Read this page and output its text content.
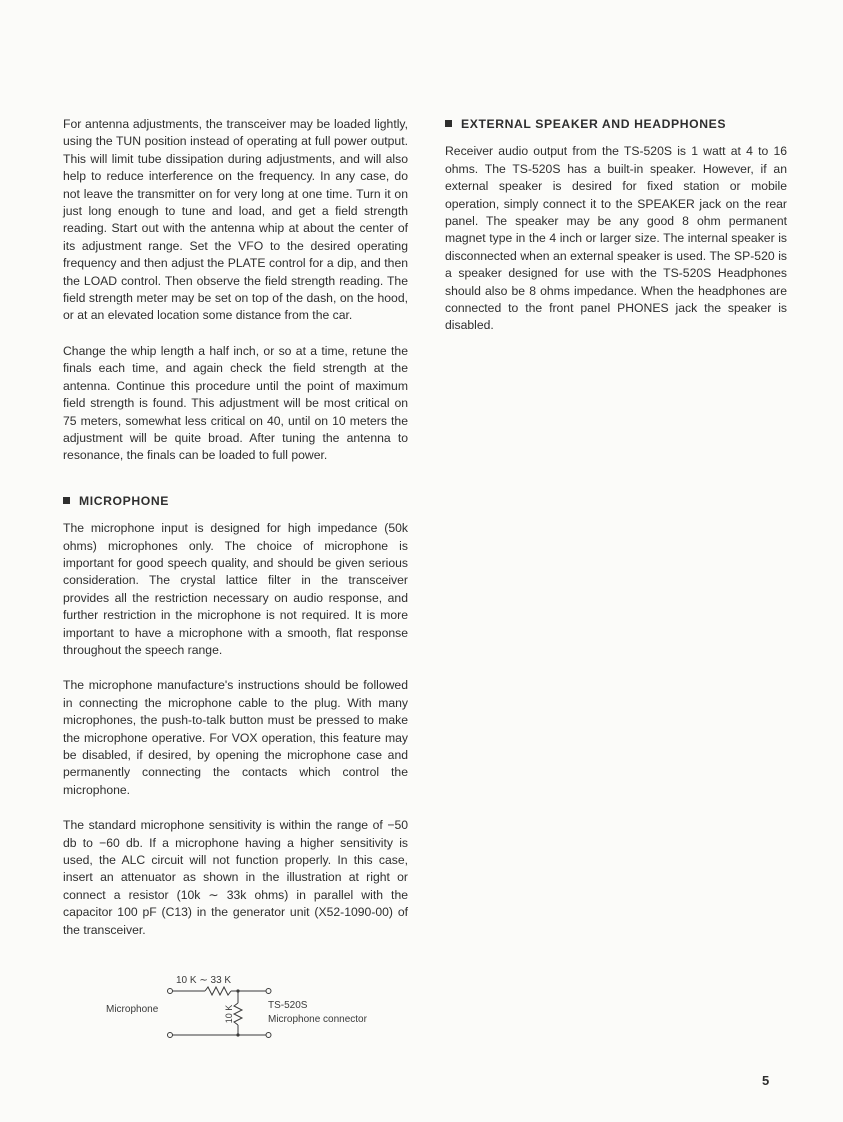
For antenna adjustments, the transceiver may be loaded lightly, using the TUN position instead of operating at full power output. This will limit tube dissipation during adjustments, and will also help to reduce interference on the frequency. In any case, do not leave the transmitter on for very long at one time. Turn it on just long enough to tune and load, and get a field strength reading. Start out with the antenna whip at about the center of its adjustment range. Set the VFO to the desired operating frequency and then adjust the PLATE control for a dip, and then the LOAD control. Then observe the field strength reading. The field strength meter may be set on top of the dash, on the hood, or at an elevated location some distance from the car.

Change the whip length a half inch, or so at a time, retune the finals each time, and again check the field strength at the antenna. Continue this procedure until the point of maximum field strength is found. This adjustment will be most critical on 75 meters, somewhat less critical on 40, until on 10 meters the adjustment will be quite broad. After tuning the antenna to resonance, the finals can be loaded to full power.

MICROPHONE

The microphone input is designed for high impedance (50k ohms) microphones only. The choice of microphone is important for good speech quality, and should be given serious consideration. The crystal lattice filter in the transceiver provides all the restriction necessary on audio response, and further restriction in the microphone is not required. It is more important to have a microphone with a smooth, flat response throughout the speech range.

The microphone manufacture's instructions should be followed in connecting the microphone cable to the plug. With many microphones, the push-to-talk button must be pressed to make the microphone operative. For VOX operation, this feature may be disabled, if desired, by opening the microphone case and permanently connecting the contacts which control the microphone.

The standard microphone sensitivity is within the range of −50 db to −60 db. If a microphone having a higher sensitivity is used, the ALC circuit will not function properly. In this case, insert an attenuator as shown in the illustration at right or connect a resistor (10k ∼ 33k ohms) in parallel with the capacitor 100 pF (C13) in the generator unit (X52-1090-00) of the transceiver.

EXTERNAL SPEAKER AND HEADPHONES

Receiver audio output from the TS-520S is 1 watt at 4 to 16 ohms. The TS-520S has a built-in speaker. However, if an external speaker is desired for fixed station or mobile operation, simply connect it to the SPEAKER jack on the rear panel. The speaker may be any good 8 ohm permanent magnet type in the 4 inch or larger size. The internal speaker is disconnected when an external speaker is used. The SP-520 is a speaker designed for use with the TS-520S Headphones should also be 8 ohms impedance. When the headphones are connected to the front panel PHONES jack the speaker is disabled.

10 K ∼ 33 K
10 K
Microphone	TS-520S
Microphone connector
5
